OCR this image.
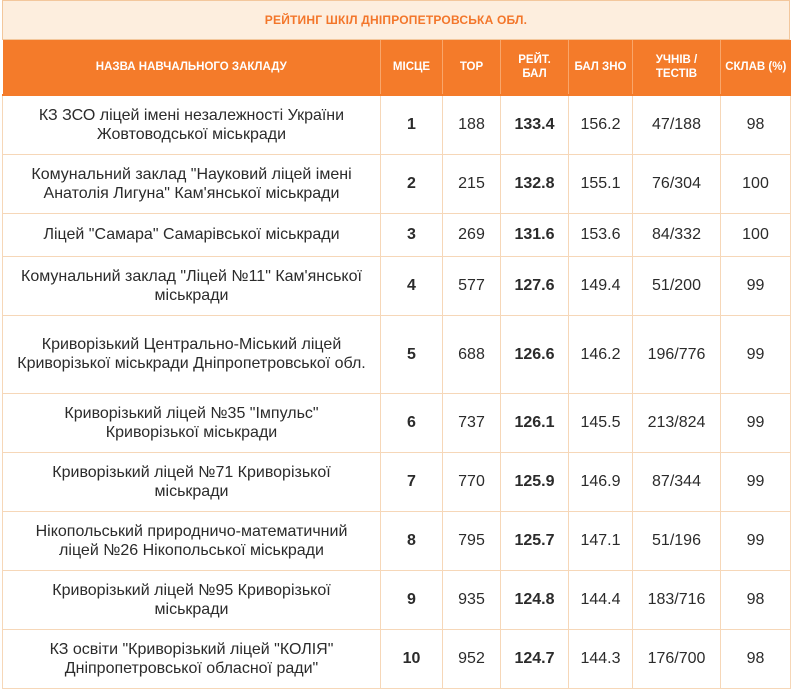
РЕЙТИНГ ШКІЛ ДНІПРОПЕТРОВСЬКА ОБЛ.
НАЗВА НАВЧАЛЬНОГО ЗАКЛАДУ	МІСЦЕ	ТОР	РЕЙТ. БАЛ	БАЛ ЗНО	УЧНІВ / ТЕСТІВ	СКЛАВ (%)
КЗ ЗСО ліцей імені незалежності України Жовтоводської міськради	1	188	133.4	156.2	47/188	98
Комунальний заклад "Науковий ліцей імені Анатолія Лигуна" Кам'янської міськради	2	215	132.8	155.1	76/304	100
Ліцей "Самара" Самарівської міськради	3	269	131.6	153.6	84/332	100
Комунальний заклад "Ліцей №11" Кам'янської міськради	4	577	127.6	149.4	51/200	99
Криворізький Центрально-Міський ліцей Криворізької міськради Дніпропетровської обл.	5	688	126.6	146.2	196/776	99
Криворізький ліцей №35 "Імпульс" Криворізької міськради	6	737	126.1	145.5	213/824	99
Криворізький ліцей №71 Криворізької міськради	7	770	125.9	146.9	87/344	99
Нікопольський природничо-математичний ліцей №26 Нікопольської міськради	8	795	125.7	147.1	51/196	99
Криворізький ліцей №95 Криворізької міськради	9	935	124.8	144.4	183/716	98
КЗ освіти "Криворізький ліцей "КОЛІЯ" Дніпропетровської обласної ради"	10	952	124.7	144.3	176/700	98
